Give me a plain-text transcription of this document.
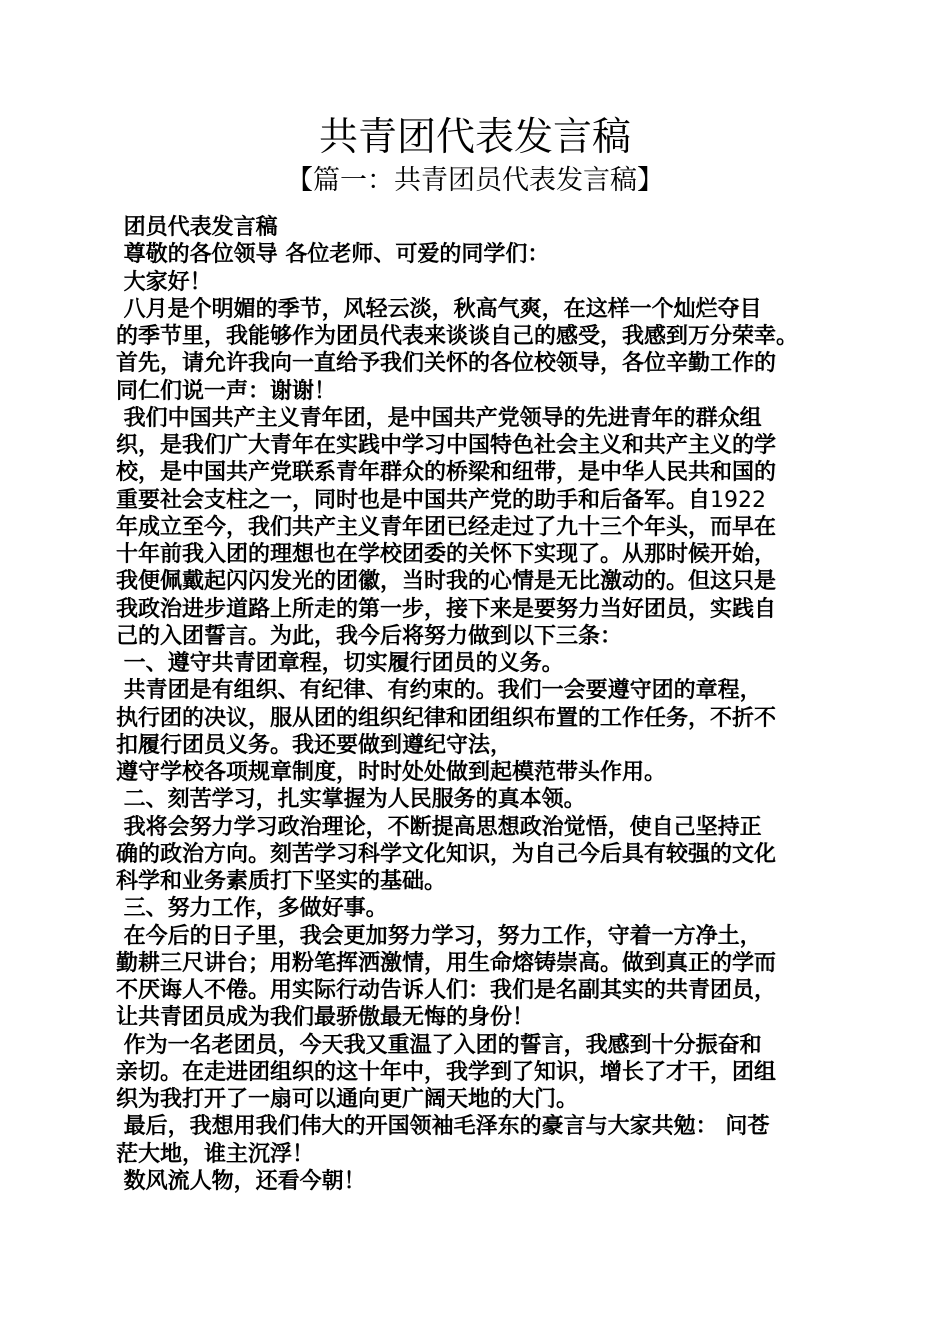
共青团代表发言稿
【篇一：共青团员代表发言稿】
团员代表发言稿
尊敬的各位领导 各位老师、可爱的同学们：
大家好！
八月是个明媚的季节，风轻云淡，秋高气爽，在这样一个灿烂夺目
的季节里，我能够作为团员代表来谈谈自己的感受，我感到万分荣幸。
首先，请允许我向一直给予我们关怀的各位校领导，各位辛勤工作的
同仁们说一声：谢谢！
我们中国共产主义青年团，是中国共产党领导的先进青年的群众组
织，是我们广大青年在实践中学习中国特色社会主义和共产主义的学
校，是中国共产党联系青年群众的桥梁和纽带，是中华人民共和国的
重要社会支柱之一，同时也是中国共产党的助手和后备军。自1922
年成立至今，我们共产主义青年团已经走过了九十三个年头，而早在
十年前我入团的理想也在学校团委的关怀下实现了。从那时候开始，
我便佩戴起闪闪发光的团徽，当时我的心情是无比激动的。但这只是
我政治进步道路上所走的第一步，接下来是要努力当好团员，实践自
己的入团誓言。为此，我今后将努力做到以下三条：
一、遵守共青团章程，切实履行团员的义务。
共青团是有组织、有纪律、有约束的。我们一会要遵守团的章程，
执行团的决议，服从团的组织纪律和团组织布置的工作任务，不折不
扣履行团员义务。我还要做到遵纪守法，
遵守学校各项规章制度，时时处处做到起模范带头作用。
二、刻苦学习，扎实掌握为人民服务的真本领。
我将会努力学习政治理论，不断提高思想政治觉悟，使自己坚持正
确的政治方向。刻苦学习科学文化知识，为自己今后具有较强的文化
科学和业务素质打下坚实的基础。
三、努力工作，多做好事。
在今后的日子里，我会更加努力学习，努力工作，守着一方净土，
勤耕三尺讲台；用粉笔挥洒激情，用生命熔铸崇高。做到真正的学而
不厌诲人不倦。用实际行动告诉人们：我们是名副其实的共青团员，
让共青团员成为我们最骄傲最无悔的身份！
作为一名老团员，今天我又重温了入团的誓言，我感到十分振奋和
亲切。在走进团组织的这十年中，我学到了知识，增长了才干，团组
织为我打开了一扇可以通向更广阔天地的大门。
最后，我想用我们伟大的开国领袖毛泽东的豪言与大家共勉： 问苍
茫大地，谁主沉浮！
数风流人物，还看今朝！
